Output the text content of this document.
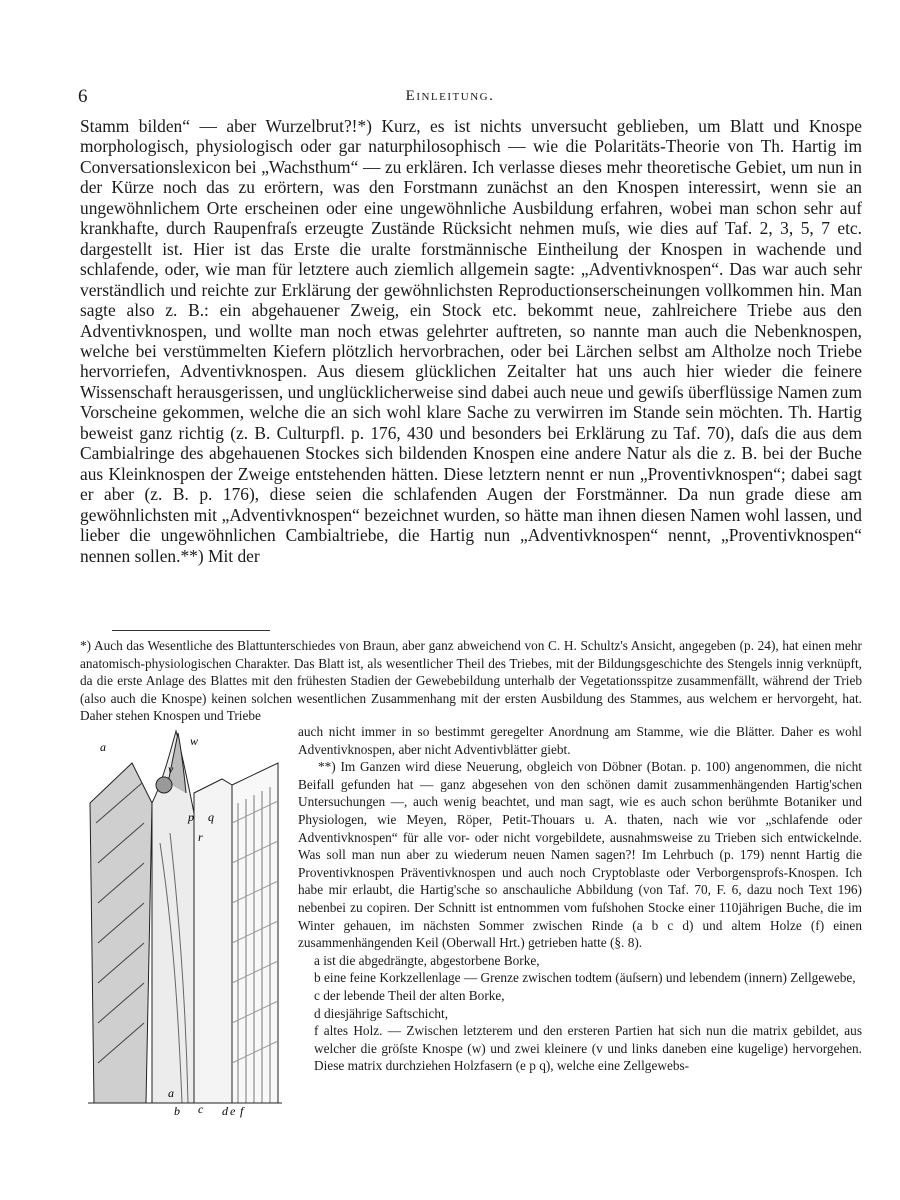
6	Einleitung.

Stamm bilden“ — aber Wurzelbrut?!*) Kurz, es ist nichts unversucht geblieben, um Blatt und Knospe morphologisch, physiologisch oder gar naturphilosophisch — wie die Polaritäts-Theorie von Th. Hartig im Conversationslexicon bei „Wachsthum“ — zu erklären. Ich verlasse dieses mehr theoretische Gebiet, um nun in der Kürze noch das zu erörtern, was den Forstmann zunächst an den Knospen interessirt, wenn sie an ungewöhnlichem Orte erscheinen oder eine ungewöhnliche Ausbildung erfahren, wobei man schon sehr auf krankhafte, durch Raupenfraſs erzeugte Zustände Rücksicht nehmen muſs, wie dies auf Taf. 2, 3, 5, 7 etc. dargestellt ist. Hier ist das Erste die uralte forstmännische Eintheilung der Knospen in wachende und schlafende, oder, wie man für letztere auch ziemlich allgemein sagte: „Adventivknospen“. Das war auch sehr verständlich und reichte zur Erklärung der gewöhnlichsten Reproductionserscheinungen vollkommen hin. Man sagte also z. B.: ein abgehauener Zweig, ein Stock etc. bekommt neue, zahlreichere Triebe aus den Adventivknospen, und wollte man noch etwas gelehrter auftreten, so nannte man auch die Nebenknospen, welche bei verstümmelten Kiefern plötzlich hervorbrachen, oder bei Lärchen selbst am Altholze noch Triebe hervorriefen, Adventivknospen. Aus diesem glücklichen Zeitalter hat uns auch hier wieder die feinere Wissenschaft herausgerissen, und unglücklicherweise sind dabei auch neue und gewiſs überflüssige Namen zum Vorscheine gekommen, welche die an sich wohl klare Sache zu verwirren im Stande sein möchten. Th. Hartig beweist ganz richtig (z. B. Culturpfl. p. 176, 430 und besonders bei Erklärung zu Taf. 70), daſs die aus dem Cambialringe des abgehauenen Stockes sich bildenden Knospen eine andere Natur als die z. B. bei der Buche aus Kleinknospen der Zweige entstehenden hätten. Diese letztern nennt er nun „Proventivknospen“; dabei sagt er aber (z. B. p. 176), diese seien die schlafenden Augen der Forstmänner. Da nun grade diese am gewöhnlichsten mit „Adventivknospen“ bezeichnet wurden, so hätte man ihnen diesen Namen wohl lassen, und lieber die ungewöhnlichen Cambialtriebe, die Hartig nun „Adventivknospen“ nennt, „Proventivknospen“ nennen sollen.**) Mit der

*) Auch das Wesentliche des Blattunterschiedes von Braun, aber ganz abweichend von C. H. Schultz's Ansicht, angegeben (p. 24), hat einen mehr anatomisch-physiologischen Charakter. Das Blatt ist, als wesentlicher Theil des Triebes, mit der Bildungsgeschichte des Stengels innig verknüpft, da die erste Anlage des Blattes mit den frühesten Stadien der Gewebebildung unterhalb der Vegetationsspitze zusammenfällt, während der Trieb (also auch die Knospe) keinen solchen wesentlichen Zusammenhang mit der ersten Ausbildung des Stammes, aus welchem er hervorgeht, hat. Daher stehen Knospen und Triebe

a
v
w
p q
r
a
b c d e f

auch nicht immer in so bestimmt geregelter Anordnung am Stamme, wie die Blätter. Daher es wohl Adventivknospen, aber nicht Adventivblätter giebt.

**) Im Ganzen wird diese Neuerung, obgleich von Döbner (Botan. p. 100) angenommen, die nicht Beifall gefunden hat — ganz abgesehen von den schönen damit zusammenhängenden Hartig'schen Untersuchungen —, auch wenig beachtet, und man sagt, wie es auch schon berühmte Botaniker und Physiologen, wie Meyen, Röper, Petit-Thouars u. A. thaten, nach wie vor „schlafende oder Adventivknospen“ für alle vor- oder nicht vorgebildete, ausnahmsweise zu Trieben sich entwickelnde. Was soll man nun aber zu wiederum neuen Namen sagen?! Im Lehrbuch (p. 179) nennt Hartig die Proventivknospen Präventivknospen und auch noch Cryptoblaste oder Verborgensprofs-Knospen. Ich habe mir erlaubt, die Hartig'sche so anschauliche Abbildung (von Taf. 70, F. 6, dazu noch Text 196) nebenbei zu copiren. Der Schnitt ist entnommen vom fuſshohen Stocke einer 110jährigen Buche, die im Winter gehauen, im nächsten Sommer zwischen Rinde (a b c d) und altem Holze (f) einen zusammenhängenden Keil (Oberwall Hrt.) getrieben hatte (§. 8).

a ist die abgedrängte, abgestorbene Borke,

b eine feine Korkzellenlage — Grenze zwischen todtem (äuſsern) und lebendem (innern) Zellgewebe,

c der lebende Theil der alten Borke,

d diesjährige Saftschicht,

f altes Holz. — Zwischen letzterem und den ersteren Partien hat sich nun die matrix gebildet, aus welcher die gröſste Knospe (w) und zwei kleinere (v und links daneben eine kugelige) hervorgehen. Diese matrix durchziehen Holzfasern (e p q), welche eine Zellgewebs-
